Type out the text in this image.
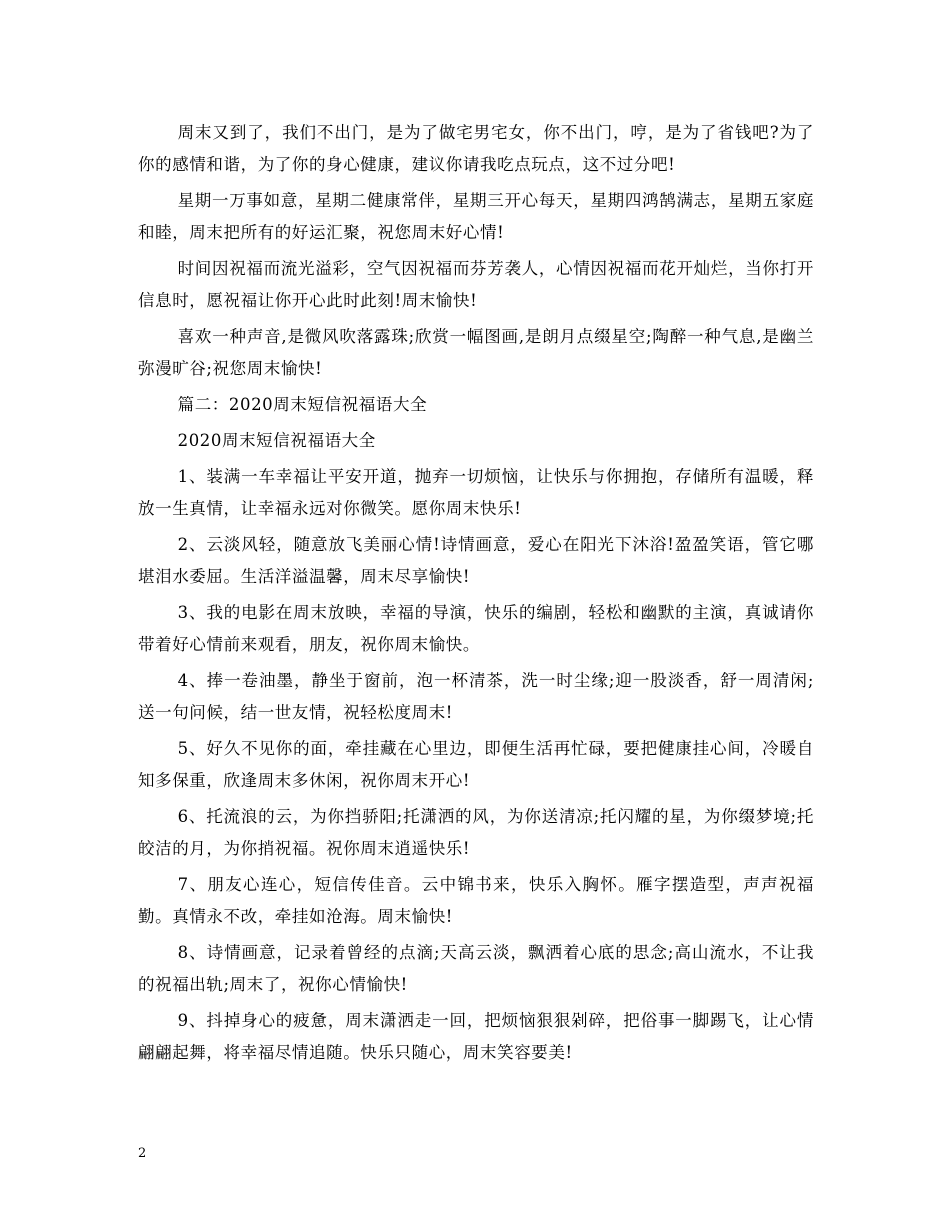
周末又到了，我们不出门，是为了做宅男宅女，你不出门，哼，是为了省钱吧?为了你的感情和谐，为了你的身心健康，建议你请我吃点玩点，这不过分吧!

星期一万事如意，星期二健康常伴，星期三开心每天，星期四鸿鹄满志，星期五家庭和睦，周末把所有的好运汇聚，祝您周末好心情!

时间因祝福而流光溢彩，空气因祝福而芬芳袭人，心情因祝福而花开灿烂，当你打开信息时，愿祝福让你开心此时此刻!周末愉快!

喜欢一种声音,是微风吹落露珠;欣赏一幅图画,是朗月点缀星空;陶醉一种气息,是幽兰弥漫旷谷;祝您周末愉快!

篇二：2020周末短信祝福语大全

2020周末短信祝福语大全

1、装满一车幸福让平安开道，抛弃一切烦恼，让快乐与你拥抱，存储所有温暖，释放一生真情，让幸福永远对你微笑。愿你周末快乐!

2、云淡风轻，随意放飞美丽心情!诗情画意，爱心在阳光下沐浴!盈盈笑语，管它哪堪泪水委屈。生活洋溢温馨，周末尽享愉快!

3、我的电影在周末放映，幸福的导演，快乐的编剧，轻松和幽默的主演，真诚请你带着好心情前来观看，朋友，祝你周末愉快。

4、捧一卷油墨，静坐于窗前，泡一杯清茶，洗一时尘缘;迎一股淡香，舒一周清闲;送一句问候，结一世友情，祝轻松度周末!

5、好久不见你的面，牵挂藏在心里边，即便生活再忙碌，要把健康挂心间，冷暖自知多保重，欣逢周末多休闲，祝你周末开心!

6、托流浪的云，为你挡骄阳;托潇洒的风，为你送清凉;托闪耀的星，为你缀梦境;托皎洁的月，为你捎祝福。祝你周末逍遥快乐!

7、朋友心连心，短信传佳音。云中锦书来，快乐入胸怀。雁字摆造型，声声祝福勤。真情永不改，牵挂如沧海。周末愉快!

8、诗情画意，记录着曾经的点滴;天高云淡，飘洒着心底的思念;高山流水，不让我的祝福出轨;周末了，祝你心情愉快!

9、抖掉身心的疲惫，周末潇洒走一回，把烦恼狠狠剁碎，把俗事一脚踢飞，让心情翩翩起舞，将幸福尽情追随。快乐只随心，周末笑容要美!

2
